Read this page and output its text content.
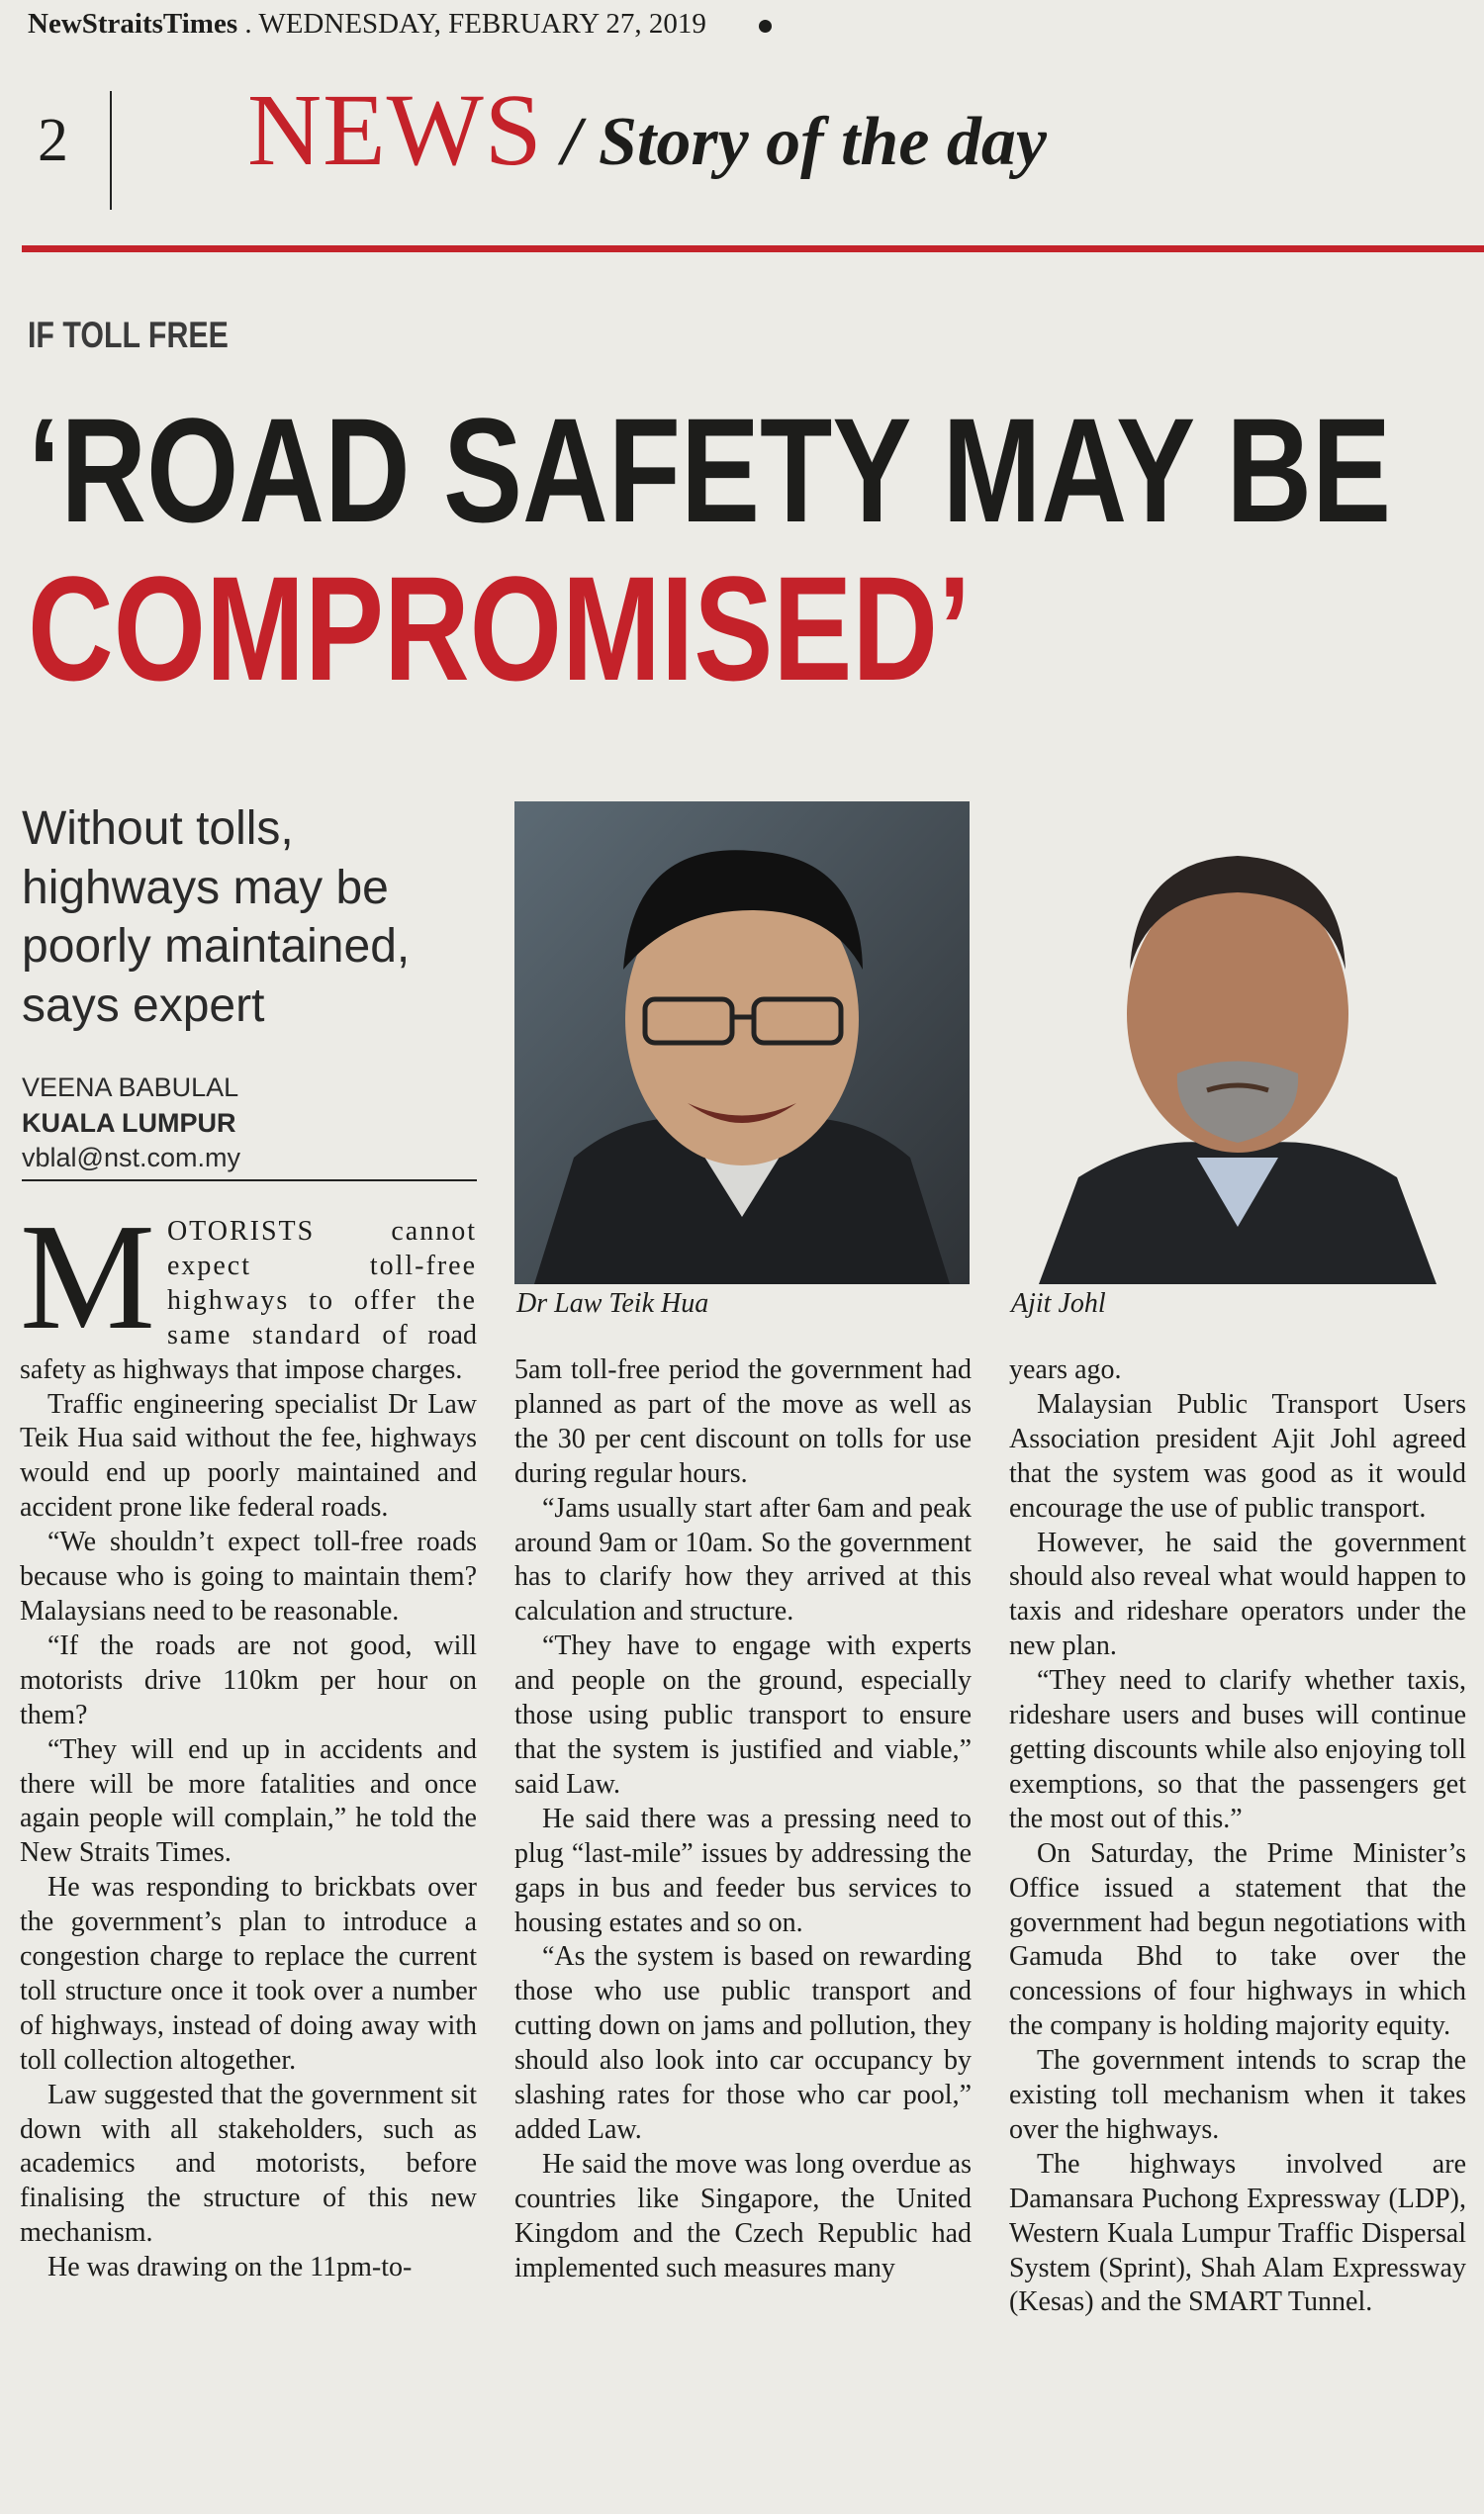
NewStraitsTimes . WEDNESDAY, FEBRUARY 27, 2019
2 NEWS / Story of the day
IF TOLL FREE
‘ROAD SAFETY MAY BE
COMPROMISED’
Without tolls, highways may be poorly maintained, says expert
VEENA BABULAL
KUALA LUMPUR
vblal@nst.com.my
Dr Law Teik Hua	Ajit Johl

MOTORISTS cannot expect toll-free highways to offer the same standard of road safety as highways that impose charges.

Traffic engineering specialist Dr Law Teik Hua said without the fee, highways would end up poorly maintained and accident prone like federal roads.

“We shouldn’t expect toll-free roads because who is going to maintain them? Malaysians need to be reasonable.

“If the roads are not good, will motorists drive 110km per hour on them?

“They will end up in accidents and there will be more fatalities and once again people will complain,” he told the New Straits Times.

He was responding to brickbats over the government’s plan to introduce a congestion charge to replace the current toll structure once it took over a number of highways, instead of doing away with toll collection altogether.

Law suggested that the government sit down with all stakeholders, such as academics and motorists, before finalising the structure of this new mechanism.

He was drawing on the 11pm-to-

5am toll-free period the government had planned as part of the move as well as the 30 per cent discount on tolls for use during regular hours.

“Jams usually start after 6am and peak around 9am or 10am. So the government has to clarify how they arrived at this calculation and structure.

“They have to engage with experts and people on the ground, especially those using public transport to ensure that the system is justified and viable,” said Law.

He said there was a pressing need to plug “last-mile” issues by addressing the gaps in bus and feeder bus services to housing estates and so on.

“As the system is based on rewarding those who use public transport and cutting down on jams and pollution, they should also look into car occupancy by slashing rates for those who car pool,” added Law.

He said the move was long overdue as countries like Singapore, the United Kingdom and the Czech Republic had implemented such measures many

years ago.

Malaysian Public Transport Users Association president Ajit Johl agreed that the system was good as it would encourage the use of public transport.

However, he said the government should also reveal what would happen to taxis and rideshare operators under the new plan.

“They need to clarify whether taxis, rideshare users and buses will continue getting discounts while also enjoying toll exemptions, so that the passengers get the most out of this.”

On Saturday, the Prime Minister’s Office issued a statement that the government had begun negotiations with Gamuda Bhd to take over the concessions of four highways in which the company is holding majority equity.

The government intends to scrap the existing toll mechanism when it takes over the highways.

The highways involved are Damansara Puchong Expressway (LDP), Western Kuala Lumpur Traffic Dispersal System (Sprint), Shah Alam Expressway (Kesas) and the SMART Tunnel.
